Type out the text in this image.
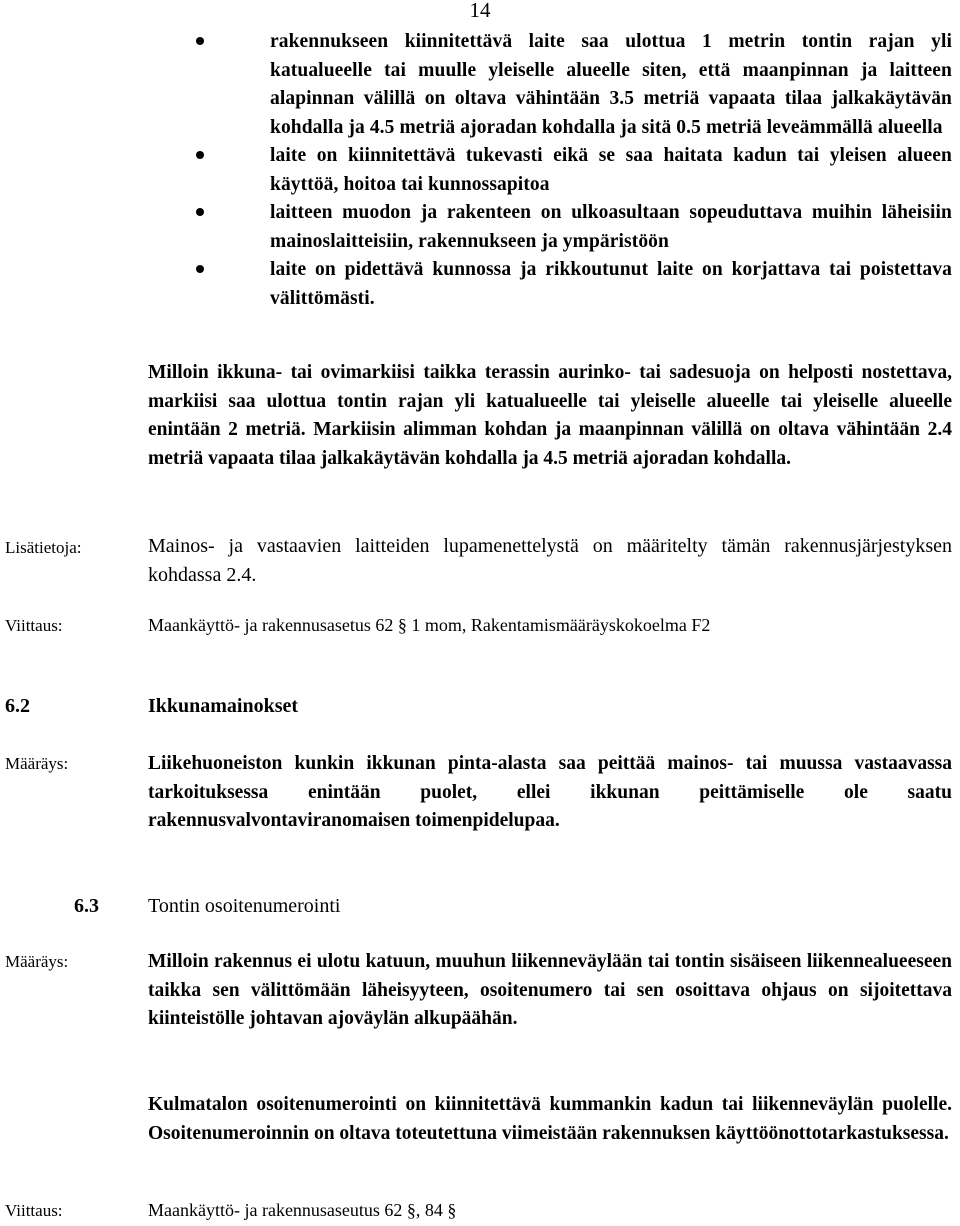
14
rakennukseen kiinnitettävä laite saa ulottua 1 metrin tontin rajan yli katualueelle tai muulle yleiselle alueelle siten, että maanpinnan ja laitteen alapinnan välillä on oltava vähintään 3.5 metriä vapaata tilaa jalkakäytävän kohdalla ja 4.5 metriä ajoradan kohdalla ja sitä 0.5 metriä leveämmällä alueella
laite on kiinnitettävä tukevasti eikä se saa haitata kadun tai yleisen alueen käyttöä, hoitoa tai kunnossapitoa
laitteen muodon ja rakenteen on ulkoasultaan sopeuduttava muihin läheisiin mainoslaitteisiin, rakennukseen ja ympäristöön
laite on pidettävä kunnossa ja rikkoutunut laite on korjattava tai poistettava välittömästi.
Milloin ikkuna- tai ovimarkiisi taikka terassin aurinko- tai sadesuoja on helposti nostettava, markiisi saa ulottua tontin rajan yli katualueelle tai yleiselle alueelle tai yleiselle alueelle enintään 2 metriä. Markiisin alimman kohdan ja maanpinnan välillä on oltava vähintään 2.4 metriä vapaata tilaa jalkakäytävän kohdalla ja 4.5 metriä ajoradan kohdalla.
Lisätietoja:	Mainos- ja vastaavien laitteiden lupamenettelystä on määritelty tämän rakennusjärjestyksen kohdassa 2.4.
Viittaus:	Maankäyttö- ja rakennusasetus 62 § 1 mom, Rakentamismääräyskokoelma F2
6.2	Ikkunamainokset
Määräys:	Liikehuoneiston kunkin ikkunan pinta-alasta saa peittää mainos- tai muussa vastaavassa tarkoituksessa enintään puolet, ellei ikkunan peittämiselle ole saatu rakennusvalvontaviranomaisen toimenpidelupaa.
6.3 Tontin osoitenumerointi
Määräys:	Milloin rakennus ei ulotu katuun, muuhun liikenneväylään tai tontin sisäiseen liikennealueeseen taikka sen välittömään läheisyyteen, osoitenumero tai sen osoittava ohjaus on sijoitettava kiinteistölle johtavan ajoväylän alkupäähän.
Kulmatalon osoitenumerointi on kiinnitettävä kummankin kadun tai liikenneväylän puolelle. Osoitenumeroinnin on oltava toteutettuna viimeistään rakennuksen käyttöönottotarkastuksessa.
Viittaus:	Maankäyttö- ja rakennusaseutus 62 §, 84 §
